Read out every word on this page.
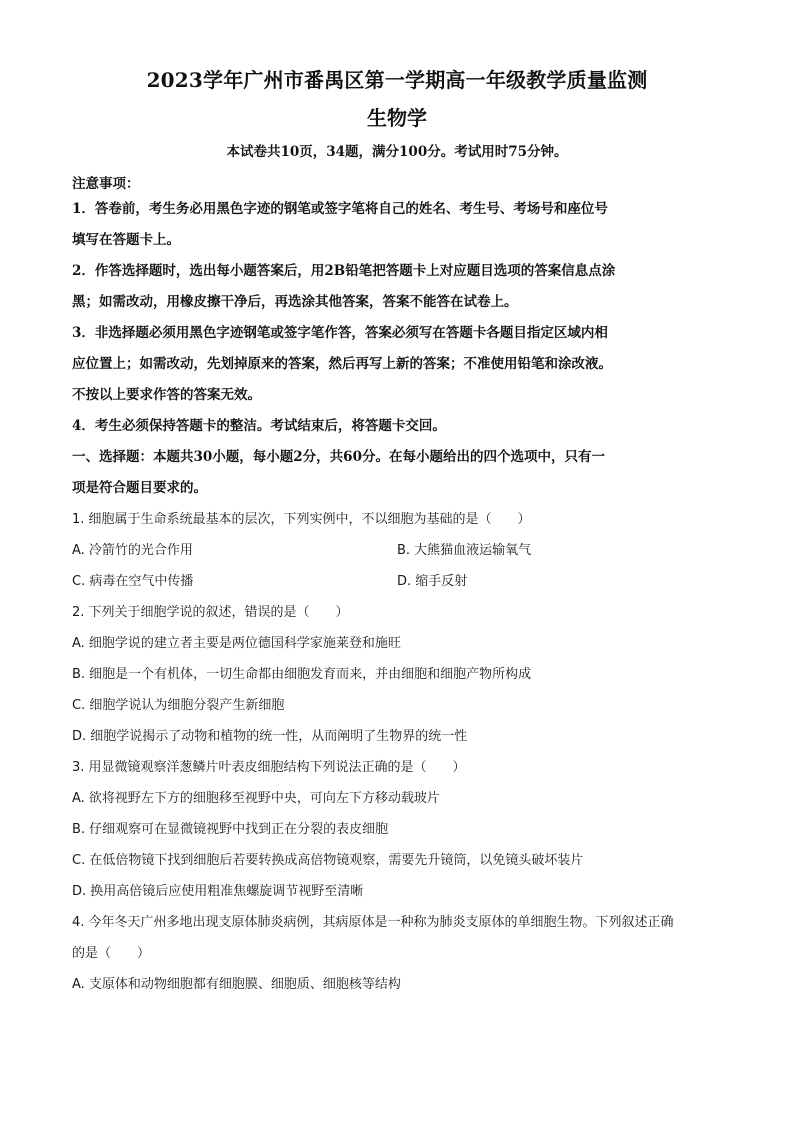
2023学年广州市番禺区第一学期高一年级教学质量监测

生物学

本试卷共10页，34题，满分100分。考试用时75分钟。

注意事项：

1．答卷前，考生务必用黑色字迹的钢笔或签字笔将自己的姓名、考生号、考场号和座位号

填写在答题卡上。

2．作答选择题时，选出每小题答案后，用2B铅笔把答题卡上对应题目选项的答案信息点涂

黑；如需改动，用橡皮擦干净后，再选涂其他答案，答案不能答在试卷上。

3．非选择题必须用黑色字迹钢笔或签字笔作答，答案必须写在答题卡各题目指定区域内相

应位置上；如需改动，先划掉原来的答案，然后再写上新的答案；不准使用铅笔和涂改液。

不按以上要求作答的答案无效。

4．考生必须保持答题卡的整洁。考试结束后，将答题卡交回。

一、选择题：本题共30小题，每小题2分，共60分。在每小题给出的四个选项中，只有一

项是符合题目要求的。

1. 细胞属于生命系统最基本的层次，下列实例中，不以细胞为基础的是（　　）

A. 冷箭竹的光合作用	B. 大熊猫血液运输氧气

C. 病毒在空气中传播	D. 缩手反射

2. 下列关于细胞学说的叙述，错误的是（　　）

A. 细胞学说的建立者主要是两位德国科学家施莱登和施旺

B. 细胞是一个有机体，一切生命都由细胞发育而来，并由细胞和细胞产物所构成

C. 细胞学说认为细胞分裂产生新细胞

D. 细胞学说揭示了动物和植物的统一性，从而阐明了生物界的统一性

3. 用显微镜观察洋葱鳞片叶表皮细胞结构下列说法正确的是（　　）

A. 欲将视野左下方的细胞移至视野中央，可向左下方移动载玻片

B. 仔细观察可在显微镜视野中找到正在分裂的表皮细胞

C. 在低倍物镜下找到细胞后若要转换成高倍物镜观察，需要先升镜筒，以免镜头破坏装片

D. 换用高倍镜后应使用粗准焦螺旋调节视野至清晰

4. 今年冬天广州多地出现支原体肺炎病例，其病原体是一种称为肺炎支原体的单细胞生物。下列叙述正确

的是（　　）

A. 支原体和动物细胞都有细胞膜、细胞质、细胞核等结构
